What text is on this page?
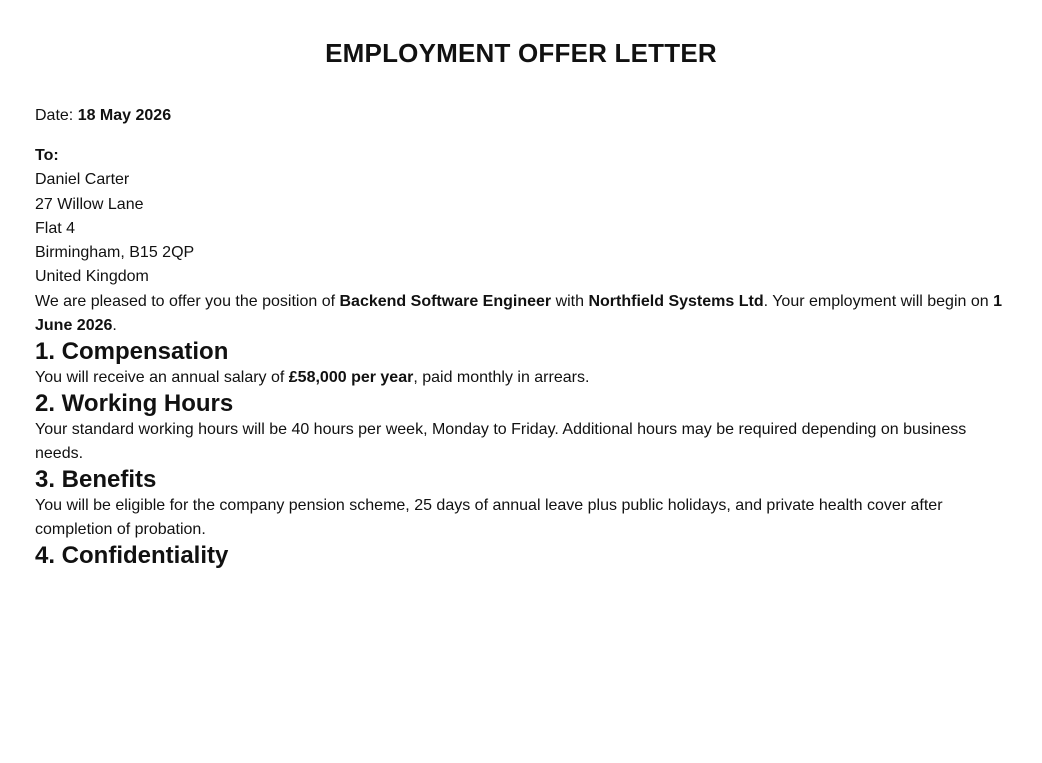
EMPLOYMENT OFFER LETTER
Date: 18 May 2026
To:
Daniel Carter
27 Willow Lane
Flat 4
Birmingham, B15 2QP
United Kingdom

We are pleased to offer you the position of Backend Software Engineer with Northfield Systems Ltd. Your employment will begin on 1 June 2026.

1. Compensation

You will receive an annual salary of £58,000 per year, paid monthly in arrears.

2. Working Hours

Your standard working hours will be 40 hours per week, Monday to Friday. Additional hours may be required depending on business needs.

3. Benefits

You will be eligible for the company pension scheme, 25 days of annual leave plus public holidays, and private health cover after completion of probation.

4. Confidentiality
